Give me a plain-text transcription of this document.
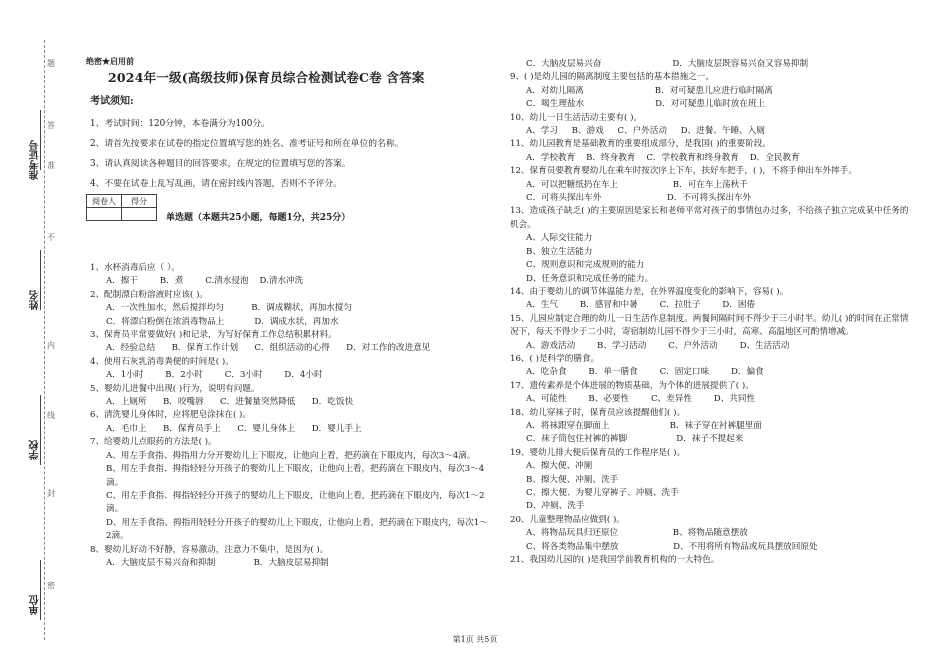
题
答
准
不
内
线
封
密
准考证号
姓名
学校
单位
绝密★启用前
2024年一级(高级技师)保育员综合检测试卷C卷 含答案
考试须知:
1、考试时间：120分钟，本卷满分为100分。
2、请首先按要求在试卷的指定位置填写您的姓名、准考证号和所在单位的名称。
3、请认真阅读各种题目的回答要求，在规定的位置填写您的答案。
4、不要在试卷上乱写乱画，请在密封线内答题，否则不予评分。
阅卷人	得分

单选题（本题共25小题，每题1分，共25分）

1、水杯消毒后应（ ）。

A．擦干        B．煮        C.清水侵泡    D.清水冲洗

2、配制漂白粉溶液时应该( )。

A．一次性加水，然后搅拌均匀          B．调成糊状，再加水搅匀

C．将漂白粉倒在浓消毒物品上           D．调成水状，再加水

3、保育员平常要做好( )和记录，为写好保育工作总结积累材料。

A．经验总结      B．保育工作计划      C．组织活动的心得      D．对工作的改进意见

4、使用石灰乳消毒粪便的时间是( )。

A．1小时        B．2小时        C．3小时        D．4小时

5、婴幼儿进餐中出现( )行为，说明有问题。

A．上厕所      B．咬嘴唇      C．进餐量突然降低      D．吃饭快

6、清洗婴儿身体时，应将肥皂涂抹在( )。

A．毛巾上      B．保育员手上      C．婴儿身体上      D．婴儿手上

7、给婴幼儿点眼药的方法是( )。

A、用左手食指、拇指用力分开婴幼儿上下眼皮，让他向上看，把药滴在下眼皮内，每次3～4滴。

B、用左手食指、拇指轻轻分开孩子的婴幼儿上下眼皮，让他向上看，把药滴在下眼皮内，每次3～4滴。

C、用左手食指、拇指轻轻分开孩子的婴幼儿上下眼皮，让他向上看，把药滴在下眼皮内，每次1～2滴。

D、用左手食指、拇指用轻轻分开孩子的婴幼儿上下眼皮，让他向上看，把药滴在下眼皮内，每次1～2滴。

8、婴幼儿好动不好静，容易激动，注意力不集中，是因为( )。

A．大脑皮层不易兴奋和抑制              B．大脑皮层易抑制

C．大脑皮层易兴奋                          D．大脑皮层既容易兴奋又容易抑制

9、( )是幼儿园的隔离制度主要包括的基本措施之一。

A．对幼儿隔离                          B．对可疑患儿应进行临时隔离

C．喝生理盐水                          D．对可疑患儿临时放在班上

10、幼儿一日生活活动主要有( )。

A、学习     B、游戏     C、户外活动     D、进餐、午睡、入厕

11、幼儿园教育是基础教育的重要组成部分，是我国( )的重要阶段。

A．学校教育    B．终身教育    C．学校教育和终身教育    D．全民教育

12、保育员要教育婴幼儿在乘车时按次序上下车，扶好车把手，( )，不将手伸出车外摔手。

A．可以把糖纸扔在车上                    B．可在车上荡秋千

C．可将头探出车外                        D．不可将头探出车外

13、造成孩子缺乏( )的主要原因是家长和老师平常对孩子的事情包办过多，不给孩子独立完成某中任务的机会。

A、人际交往能力

B、独立生活能力

C、规则意识和完成规则的能力

D、任务意识和完成任务的能力。

14、由于婴幼儿的调节体温能力差，在外界温度变化的影响下，容易( )。

A．生气        B．感冒和中暑        C．拉肚子        D．困倦

15、儿园应制定合理的幼儿一日生活作息制度。两餐间隔时间不得少于三小时半。幼儿( )的时间在正常情况下，每天不得少于二小时，寄宿制幼儿园不得少于三小时，高寒、高温地区可酌情增减。

A、游戏活动        B、学习活动        C、户外活动        D、生活活动

16、( )是科学的膳食。

A．吃杂食        B．单一膳食        C．固定口味        D．偏食

17、遗传素养是个体进展的物质基础，为个体的进展提供了( )。

A、可能性        B、必要性        C、差异性        D、共同性

18、幼儿穿袜子时，保育员应该提醒他们( )。

A．将袜跟穿在脚面上                      B．袜子穿在衬裤腿里面

C．袜子筒包住衬裤的裤脚                  D．袜子不提起来

19、婴幼儿排大便后保育员的工作程序是( )。

A、擦大便、冲厕

B、擦大便、冲厕、洗手

C、擦大便、为婴儿穿裤子、冲厕、洗手

D、冲厕、洗手

20、儿童整理物品应做到( )。

A、将物品玩具归还原位                    B、将物品随意摆放

C、将各类物品集中摆放                    D、不用将所有物品或玩具摆放回原处

21、我国幼儿园的( )是我国学前教育机构的一大特色。

第1页 共5页
